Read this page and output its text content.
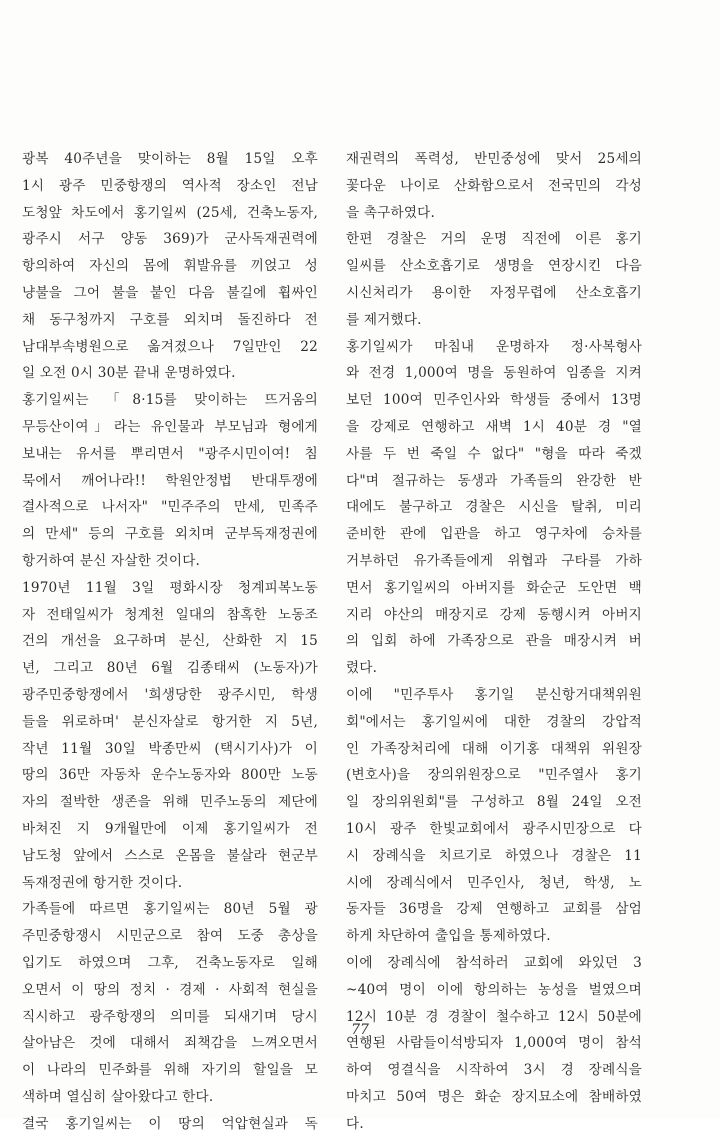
광복 40주년을 맞이하는 8월 15일 오후
1시 광주 민중항쟁의 역사적 장소인 전남
도청앞 차도에서 홍기일씨 (25세, 건축노동자,
광주시 서구 양동 369)가 군사독재권력에
항의하여 자신의 몸에 휘발유를 끼얹고 성
냥불을 그어 불을 붙인 다음 불길에 휩싸인
채 동구청까지 구호를 외치며 돌진하다 전
남대부속병원으로 옮겨졌으나 7일만인 22
일 오전 0시 30분 끝내 운명하였다.
홍기일씨는 「8·15를 맞이하는 뜨거움의
무등산이여」라는 유인물과 부모님과 형에게
보내는 유서를 뿌리면서 "광주시민이여! 침
묵에서 깨어나라!! 학원안정법 반대투쟁에
결사적으로 나서자" "민주주의 만세, 민족주
의 만세" 등의 구호를 외치며 군부독재정권에
항거하여 분신 자살한 것이다.
1970년 11월 3일 평화시장 청계피복노동
자 전태일씨가 청계천 일대의 참혹한 노동조
건의 개선을 요구하며 분신, 산화한 지 15
년, 그리고 80년 6월 김종태씨 (노동자)가
광주민중항쟁에서 '희생당한 광주시민, 학생
들을 위로하며' 분신자살로 항거한 지 5년,
작년 11월 30일 박종만씨 (택시기사)가 이
땅의 36만 자동차 운수노동자와 800만 노동
자의 절박한 생존을 위해 민주노동의 제단에
바쳐진 지 9개월만에 이제 홍기일씨가 전
남도청 앞에서 스스로 온몸을 불살라 현군부
독재정권에 항거한 것이다.
가족들에 따르면 홍기일씨는 80년 5월 광
주민중항쟁시 시민군으로 참여 도중 총상을
입기도 하였으며 그후, 건축노동자로 일해
오면서 이 땅의 정치 · 경제 · 사회적 현실을
직시하고 광주항쟁의 의미를 되새기며 당시
살아남은 것에 대해서 죄책감을 느껴오면서
이 나라의 민주화를 위해 자기의 할일을 모
색하며 열심히 살아왔다고 한다.
결국 홍기일씨는 이 땅의 억압현실과 독
재권력의 폭력성, 반민중성에 맞서 25세의
꽃다운 나이로 산화함으로서 전국민의 각성
을 촉구하였다.
한편 경찰은 거의 운명 직전에 이른 홍기
일씨를 산소호흡기로 생명을 연장시킨 다음
시신처리가 용이한 자정무렵에 산소호흡기
를 제거했다.
홍기일씨가 마침내 운명하자 정·사복형사
와 전경 1,000여 명을 동원하여 임종을 지켜
보던 100여 민주인사와 학생들 중에서 13명
을 강제로 연행하고 새벽 1시 40분 경 "열
사를 두 번 죽일 수 없다" "형을 따라 죽겠
다"며 절규하는 동생과 가족들의 완강한 반
대에도 불구하고 경찰은 시신을 탈취, 미리
준비한 관에 입관을 하고 영구차에 승차를
거부하던 유가족들에게 위협과 구타를 가하
면서 홍기일씨의 아버지를 화순군 도안면 백
지리 야산의 매장지로 강제 동행시켜 아버지
의 입회 하에 가족장으로 관을 매장시켜 버
렸다.
이에 "민주투사 홍기일 분신항거대책위원
회"에서는 홍기일씨에 대한 경찰의 강압적
인 가족장처리에 대해 이기홍 대책위 위원장
(변호사)을 장의위원장으로 "민주열사 홍기
일 장의위원회"를 구성하고 8월 24일 오전
10시 광주 한빛교회에서 광주시민장으로 다
시 장례식을 치르기로 하였으나 경찰은 11
시에 장례식에서 민주인사, 청년, 학생, 노
동자들 36명을 강제 연행하고 교회를 삼엄
하게 차단하여 출입을 통제하였다.
이에 장례식에 참석하러 교회에 와있던 3
~40여 명이 이에 항의하는 농성을 벌였으며
12시 10분 경 경찰이 철수하고 12시 50분에
연행된 사람들이석방되자 1,000여 명이 참석
하여 영결식을 시작하여 3시 경 장례식을
마치고 50여 명은 화순 장지묘소에 참배하였
다.
77
